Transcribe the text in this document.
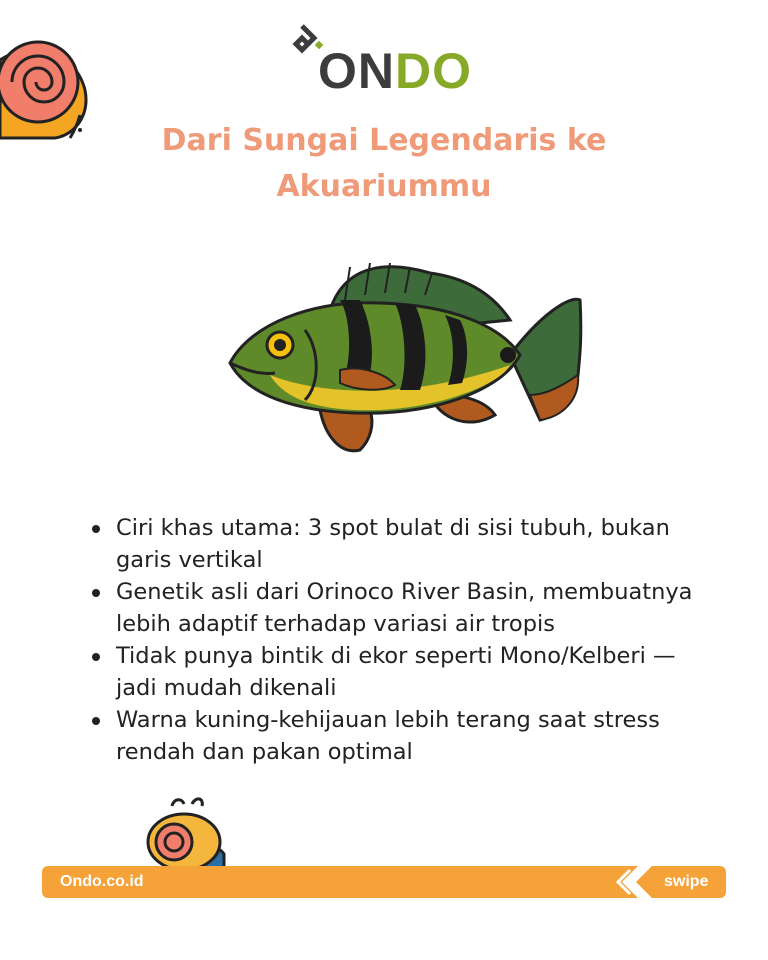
ONDO
Dari Sungai Legendaris ke
Akuariummu
Ciri khas utama: 3 spot bulat di sisi tubuh, bukan
garis vertikal
Genetik asli dari Orinoco River Basin, membuatnya
lebih adaptif terhadap variasi air tropis
Tidak punya bintik di ekor seperti Mono/Kelberi —
jadi mudah dikenali
Warna kuning-kehijauan lebih terang saat stress
rendah dan pakan optimal
Ondo.co.id	swipe
